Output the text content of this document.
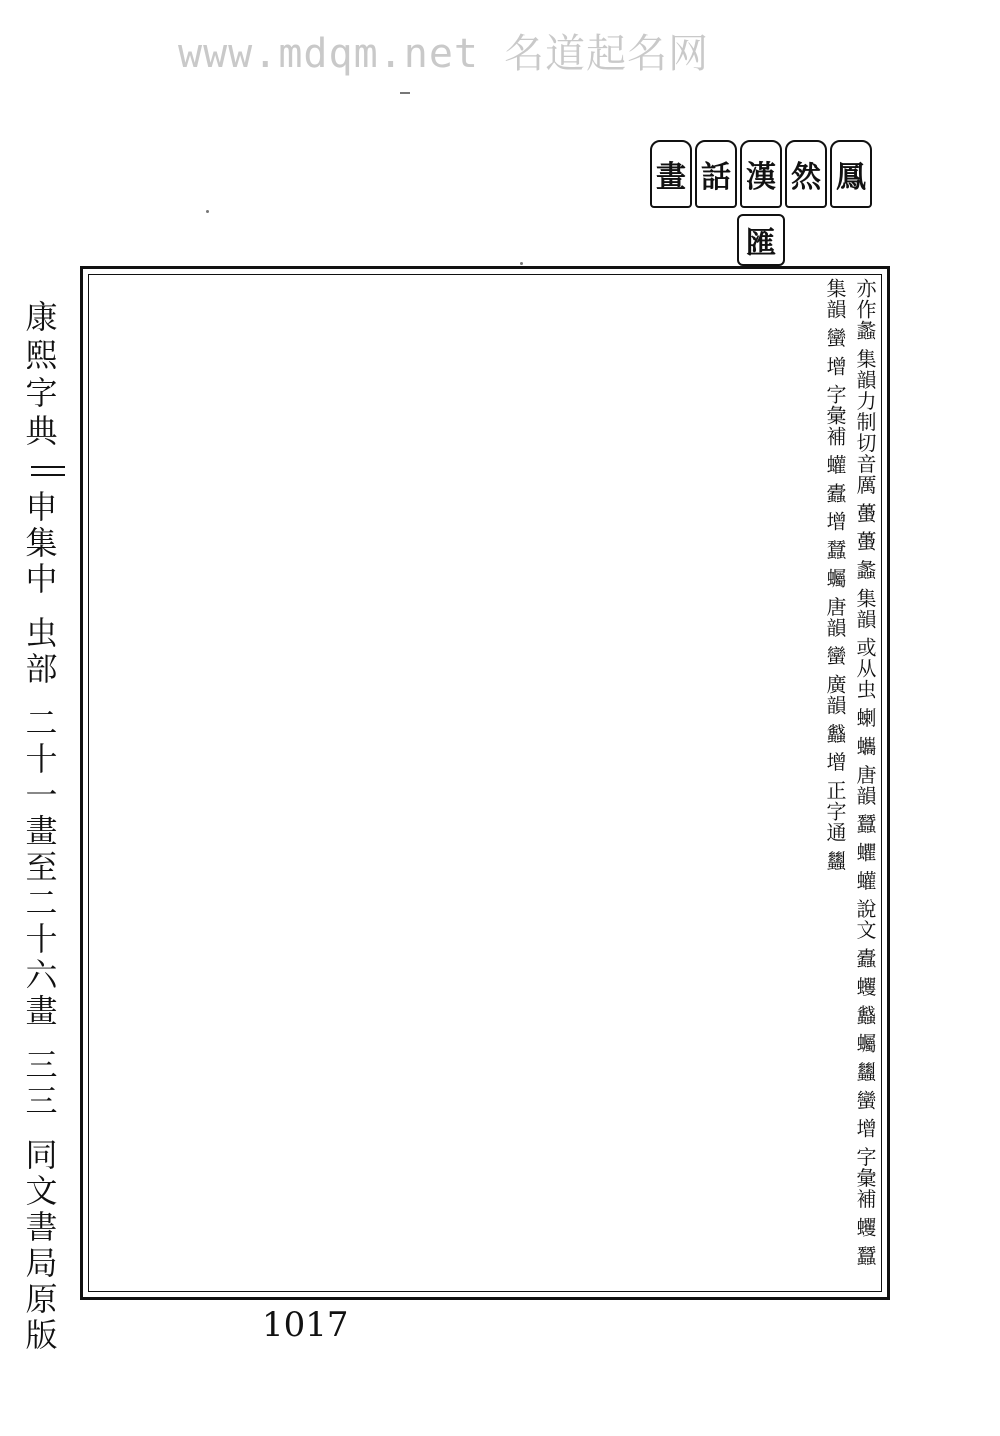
www.mdqm.net 名道起名网
畫 話 漢 然 鳳
匯
康熙字典申集中虫部二十一畫至二十六畫三三同文書局原版	亦作蠡 集韻力制切音厲 蠆 蠆 蠡 集韻 或从虫 蝲 蠵 唐韻 蠶 蠷 蠸 說文 蠹 蠼 蠽 蠾 蠿 蠻 增 字彙補 蠼 蠶 集韻 蠻 增 字彙補 蠸 蠹 增 蠺 蠾 唐韻 蠻 廣韻 蠽 增 正字通 蠿
1017
